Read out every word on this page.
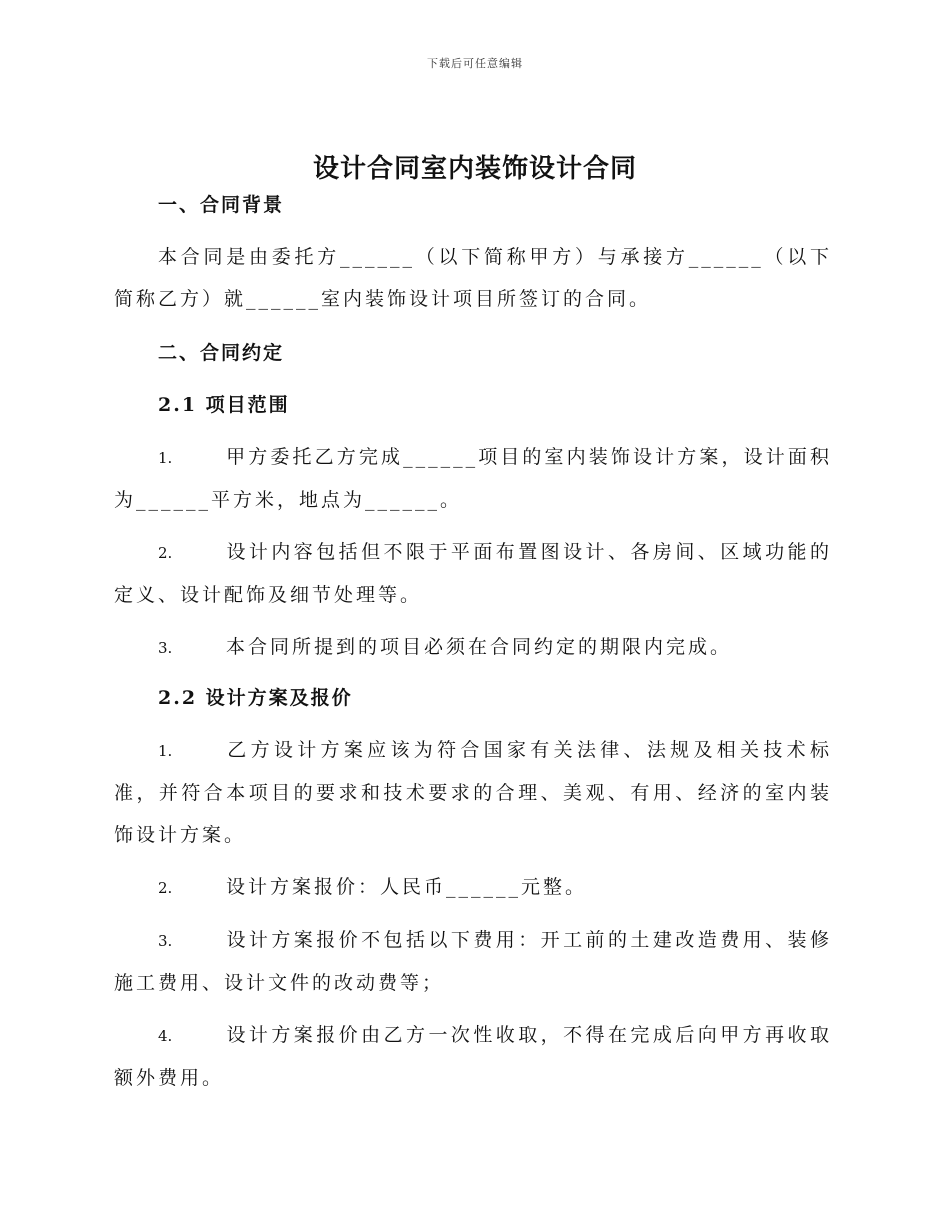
下载后可任意编辑
设计合同室内装饰设计合同

一、合同背景

本合同是由委托方______（以下简称甲方）与承接方______（以下简称乙方）就______室内装饰设计项目所签订的合同。

二、合同约定

2.1 项目范围

1.	甲方委托乙方完成______项目的室内装饰设计方案，设计面积为______平方米，地点为______。

2.	设计内容包括但不限于平面布置图设计、各房间、区域功能的定义、设计配饰及细节处理等。

3.	本合同所提到的项目必须在合同约定的期限内完成。

2.2 设计方案及报价

1.	乙方设计方案应该为符合国家有关法律、法规及相关技术标准，并符合本项目的要求和技术要求的合理、美观、有用、经济的室内装饰设计方案。

2.	设计方案报价：人民币______元整。

3.	设计方案报价不包括以下费用：开工前的土建改造费用、装修施工费用、设计文件的改动费等；

4.	设计方案报价由乙方一次性收取，不得在完成后向甲方再收取额外费用。
